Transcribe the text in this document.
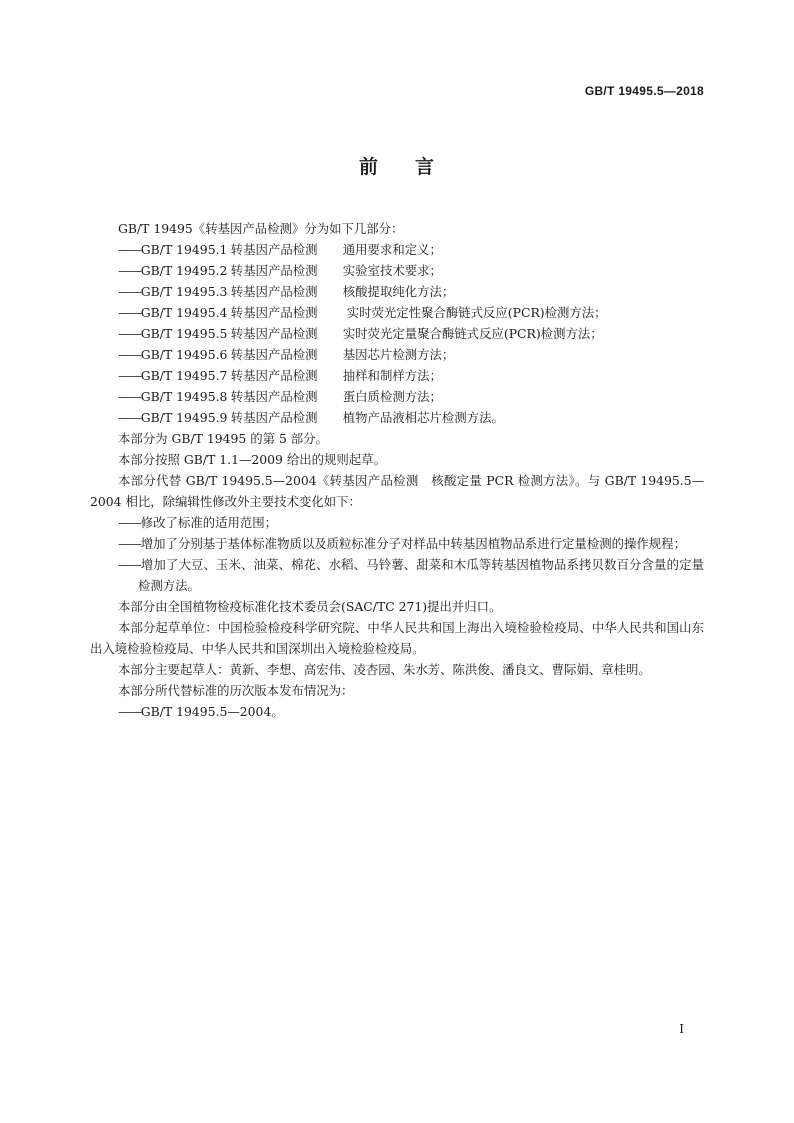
GB/T 19495.5—2018
前 言

GB/T 19495《转基因产品检测》分为如下几部分：

——GB/T 19495.1 转基因产品检测 通用要求和定义；

——GB/T 19495.2 转基因产品检测 实验室技术要求；

——GB/T 19495.3 转基因产品检测 核酸提取纯化方法；

——GB/T 19495.4 转基因产品检测 实时荧光定性聚合酶链式反应(PCR)检测方法；

——GB/T 19495.5 转基因产品检测 实时荧光定量聚合酶链式反应(PCR)检测方法；

——GB/T 19495.6 转基因产品检测 基因芯片检测方法；

——GB/T 19495.7 转基因产品检测 抽样和制样方法；

——GB/T 19495.8 转基因产品检测 蛋白质检测方法；

——GB/T 19495.9 转基因产品检测 植物产品液相芯片检测方法。

本部分为 GB/T 19495 的第 5 部分。

本部分按照 GB/T 1.1—2009 给出的规则起草。

本部分代替 GB/T 19495.5—2004《转基因产品检测　核酸定量 PCR 检测方法》。与 GB/T 19495.5—2004 相比，除编辑性修改外主要技术变化如下：

——修改了标准的适用范围；

——增加了分别基于基体标准物质以及质粒标准分子对样品中转基因植物品系进行定量检测的操作规程；

——增加了大豆、玉米、油菜、棉花、水稻、马铃薯、甜菜和木瓜等转基因植物品系拷贝数百分含量的定量检测方法。

本部分由全国植物检疫标准化技术委员会(SAC/TC 271)提出并归口。

本部分起草单位：中国检验检疫科学研究院、中华人民共和国上海出入境检验检疫局、中华人民共和国山东出入境检验检疫局、中华人民共和国深圳出入境检验检疫局。

本部分主要起草人：黄新、李想、高宏伟、凌杏园、朱水芳、陈洪俊、潘良文、曹际娟、章桂明。

本部分所代替标准的历次版本发布情况为：

——GB/T 19495.5—2004。

I
